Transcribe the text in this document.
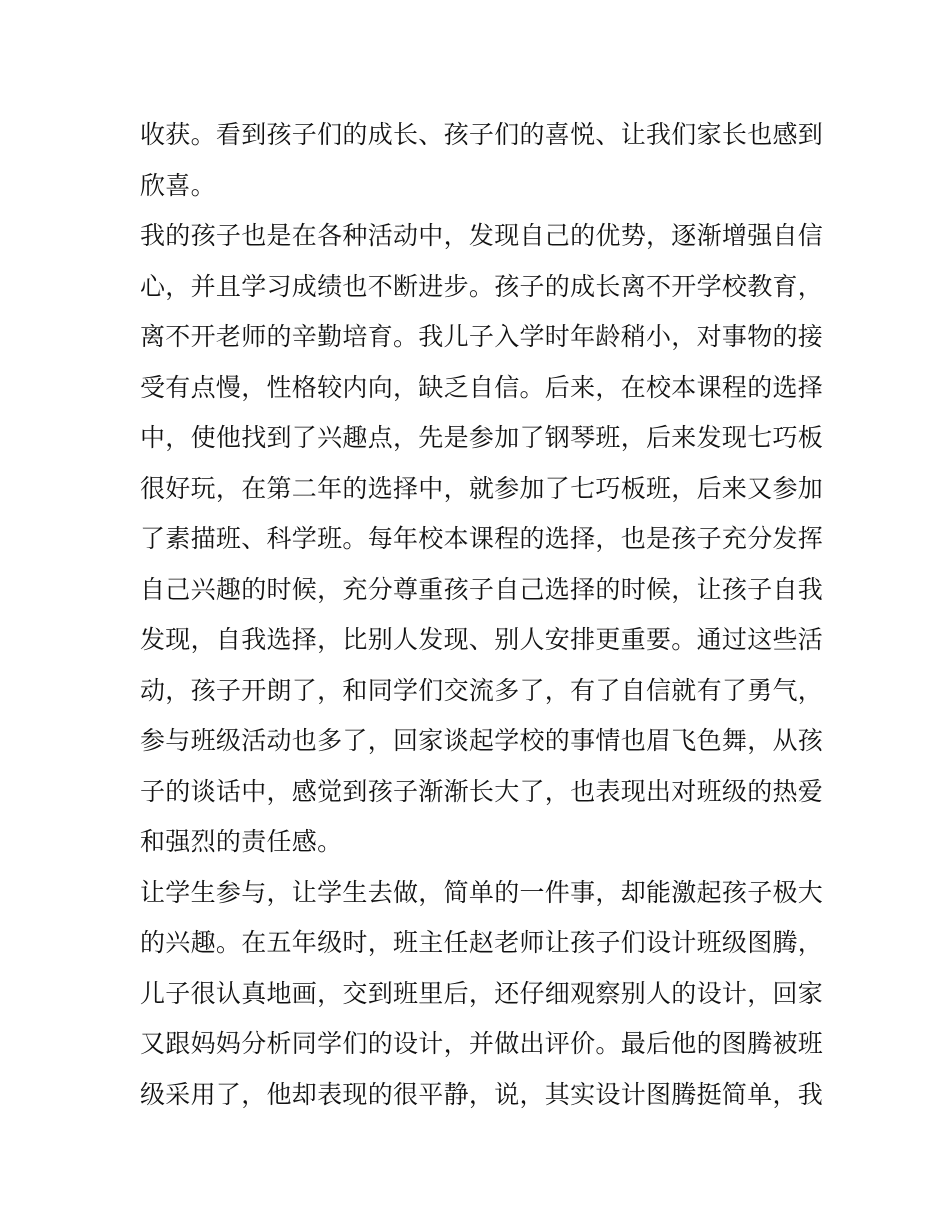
收获。看到孩子们的成长、孩子们的喜悦、让我们家长也感到
欣喜。
我的孩子也是在各种活动中，发现自己的优势，逐渐增强自信
心，并且学习成绩也不断进步。孩子的成长离不开学校教育，
离不开老师的辛勤培育。我儿子入学时年龄稍小，对事物的接
受有点慢，性格较内向，缺乏自信。后来，在校本课程的选择
中，使他找到了兴趣点，先是参加了钢琴班，后来发现七巧板
很好玩，在第二年的选择中，就参加了七巧板班，后来又参加
了素描班、科学班。每年校本课程的选择，也是孩子充分发挥
自己兴趣的时候，充分尊重孩子自己选择的时候，让孩子自我
发现，自我选择，比别人发现、别人安排更重要。通过这些活
动，孩子开朗了，和同学们交流多了，有了自信就有了勇气，
参与班级活动也多了，回家谈起学校的事情也眉飞色舞，从孩
子的谈话中，感觉到孩子渐渐长大了，也表现出对班级的热爱
和强烈的责任感。
让学生参与，让学生去做，简单的一件事，却能激起孩子极大
的兴趣。在五年级时，班主任赵老师让孩子们设计班级图腾，
儿子很认真地画，交到班里后，还仔细观察别人的设计，回家
又跟妈妈分析同学们的设计，并做出评价。最后他的图腾被班
级采用了，他却表现的很平静，说，其实设计图腾挺简单，我
